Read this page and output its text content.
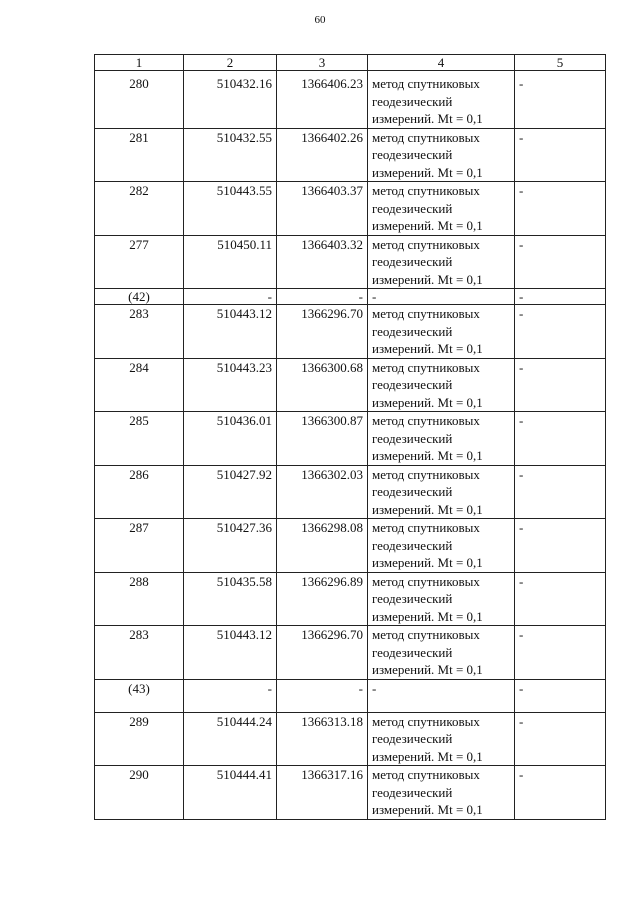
60
1	2	3	4	5
280	510432.16	1366406.23	метод спутниковых
геодезический
измерений. Mt = 0,1	-
281	510432.55	1366402.26	метод спутниковых
геодезический
измерений. Mt = 0,1	-
282	510443.55	1366403.37	метод спутниковых
геодезический
измерений. Mt = 0,1	-
277	510450.11	1366403.32	метод спутниковых
геодезический
измерений. Mt = 0,1	-
(42)	-	-	-	-
283	510443.12	1366296.70	метод спутниковых
геодезический
измерений. Mt = 0,1	-
284	510443.23	1366300.68	метод спутниковых
геодезический
измерений. Mt = 0,1	-
285	510436.01	1366300.87	метод спутниковых
геодезический
измерений. Mt = 0,1	-
286	510427.92	1366302.03	метод спутниковых
геодезический
измерений. Mt = 0,1	-
287	510427.36	1366298.08	метод спутниковых
геодезический
измерений. Mt = 0,1	-
288	510435.58	1366296.89	метод спутниковых
геодезический
измерений. Mt = 0,1	-
283	510443.12	1366296.70	метод спутниковых
геодезический
измерений. Mt = 0,1	-
(43)	-	-	-	-
289	510444.24	1366313.18	метод спутниковых
геодезический
измерений. Mt = 0,1	-
290	510444.41	1366317.16	метод спутниковых
геодезический
измерений. Mt = 0,1	-
